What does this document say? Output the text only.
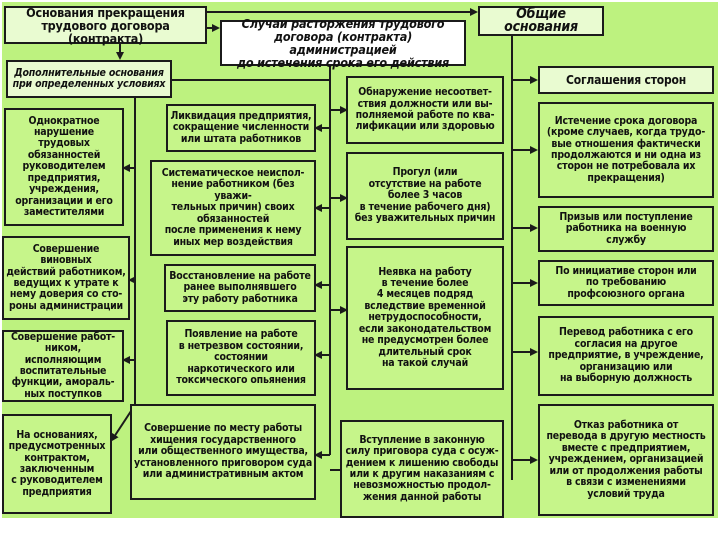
Основания прекращения
трудового договора (контракта)
Случаи расторжения трудового
договора (контракта) администрацией
до истечения срока его действия
Общие основания
Дополнительные основания
при определенных условиях
Однократное
нарушение трудовых
обязанностей
руководителем
предприятия,
учреждения,
организации и его
заместителями
Совершение виновных
действий работником,
ведущих к утрате к
нему доверия со сто-
роны администрации
Совершение работ-
ником, исполняющим
воспитательные
функции, амораль-
ных поступков
На основаниях,
предусмотренных
контрактом,
заключенным
с руководителем
предприятия
Ликвидация предприятия,
сокращение численности
или штата работников
Систематическое неиспол-
нение работником (без уважи-
тельных причин) своих
обязанностей
после применения к нему
иных мер воздействия
Восстановление на работе
ранее выполнявшего
эту работу работника
Появление на работе
в нетрезвом состоянии,
состоянии
наркотического или
токсического опьянения
Совершение по месту работы
хищения государственного
или общественного имущества,
установленного приговором суда
или административным актом
Обнаружение несоответ-
ствия должности или вы-
полняемой работе по ква-
лификации или здоровью
Прогул (или
отсутствие на работе
более 3 часов
в течение рабочего дня)
без уважительных причин
Неявка на работу
в течение более
4 месяцев подряд
вследствие временной
нетрудоспособности,
если законодательством
не предусмотрен более
длительный срок
на такой случай
Вступление в законную
силу приговора суда с осуж-
дением к лишению свободы
или к другим наказаниям с
невозможностью продол-
жения данной работы
Соглашения сторон
Истечение срока договора
(кроме случаев, когда трудо-
вые отношения фактически
продолжаются и ни одна из
сторон не потребовала их
прекращения)
Призыв или поступление
работника на военную
службу
По инициативе сторон или
по требованию
профсоюзного органа
Перевод работника с его
согласия на другое
предприятие, в учреждение,
организацию или
на выборную должность
Отказ работника от
перевода в другую местность
вместе с предприятием,
учреждением, организацией
или от продолжения работы
в связи с изменениями
условий труда
